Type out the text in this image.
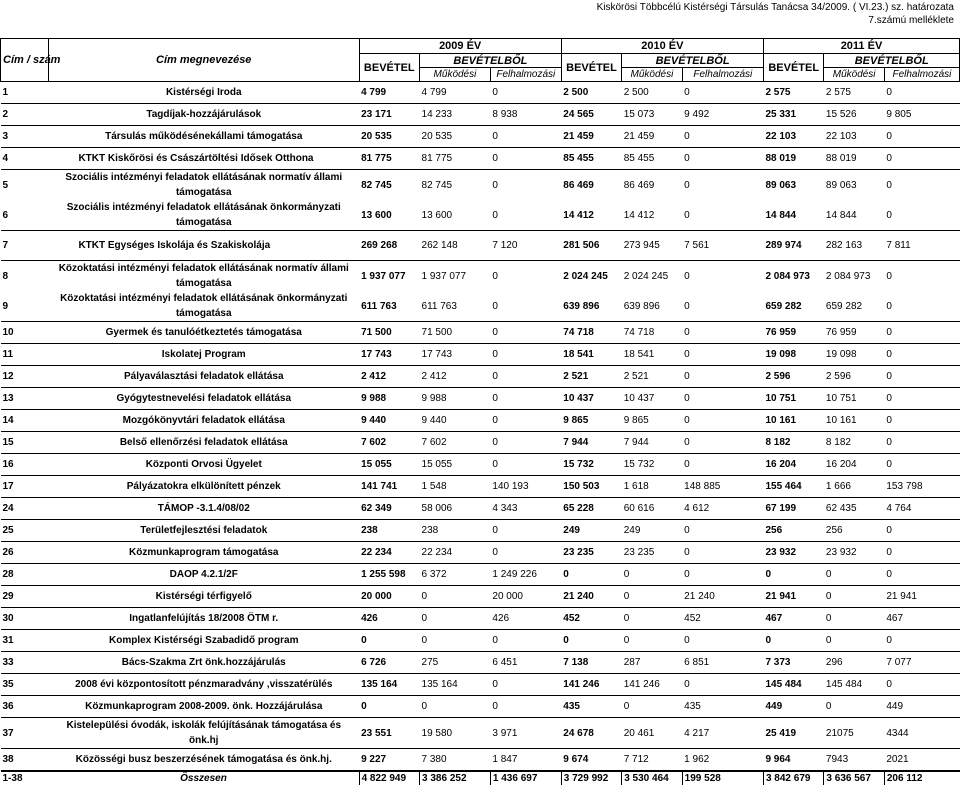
Kiskörösi Többcélú Kistérségi Társulás Tanácsa 34/2009. ( VI.23.) sz. határozata
7.számú melléklete
Cím / szám	Cím megnevezése	2009 ÉV			2010 ÉV			2011 ÉV		
		BEVÉTEL	BEVÉTELBŐL		BEVÉTEL	BEVÉTELBŐL		BEVÉTEL	BEVÉTELBŐL	
			Működési	Felhalmozási		Működési	Felhalmozási		Működési	Felhalmozási
1	Kistérségi Iroda	4 799	4 799	0	2 500	2 500	0	2 575	2 575	0
2	Tagdíjak-hozzájárulások	23 171	14 233	8 938	24 565	15 073	9 492	25 331	15 526	9 805
3	Társulás működésénekállami támogatása	20 535	20 535	0	21 459	21 459	0	22 103	22 103	0
4	KTKT Kiskőrösi és Császártöltési Idősek Otthona	81 775	81 775	0	85 455	85 455	0	88 019	88 019	0
5	Szociális intézményi feladatok ellátásának normatív állami támogatása	82 745	82 745	0	86 469	86 469	0	89 063	89 063	0
6	Szociális intézményi feladatok ellátásának önkormányzati támogatása	13 600	13 600	0	14 412	14 412	0	14 844	14 844	0
7	KTKT Egységes Iskolája és Szakiskolája	269 268	262 148	7 120	281 506	273 945	7 561	289 974	282 163	7 811
8	Közoktatási intézményi feladatok ellátásának normatív állami támogatása	1 937 077	1 937 077	0	2 024 245	2 024 245	0	2 084 973	2 084 973	0
9	Közoktatási intézményi feladatok ellátásának önkormányzati támogatása	611 763	611 763	0	639 896	639 896	0	659 282	659 282	0
10	Gyermek és tanulóétkeztetés támogatása	71 500	71 500	0	74 718	74 718	0	76 959	76 959	0
11	Iskolatej Program	17 743	17 743	0	18 541	18 541	0	19 098	19 098	0
12	Pályaválasztási feladatok ellátása	2 412	2 412	0	2 521	2 521	0	2 596	2 596	0
13	Gyógytestnevelési feladatok ellátása	9 988	9 988	0	10 437	10 437	0	10 751	10 751	0
14	Mozgókönyvtári feladatok ellátása	9 440	9 440	0	9 865	9 865	0	10 161	10 161	0
15	Belső ellenőrzési feladatok ellátása	7 602	7 602	0	7 944	7 944	0	8 182	8 182	0
16	Központi Orvosi Ügyelet	15 055	15 055	0	15 732	15 732	0	16 204	16 204	0
17	Pályázatokra elkülönített pénzek	141 741	1 548	140 193	150 503	1 618	148 885	155 464	1 666	153 798
24	TÁMOP -3.1.4/08/02	62 349	58 006	4 343	65 228	60 616	4 612	67 199	62 435	4 764
25	Területfejlesztési feladatok	238	238	0	249	249	0	256	256	0
26	Közmunkaprogram támogatása	22 234	22 234	0	23 235	23 235	0	23 932	23 932	0
28	DAOP 4.2.1/2F	1 255 598	6 372	1 249 226	0	0	0	0	0	0
29	Kistérségi térfigyelő	20 000	0	20 000	21 240	0	21 240	21 941	0	21 941
30	Ingatlanfelújítás 18/2008 ÖTM r.	426	0	426	452	0	452	467	0	467
31	Komplex Kistérségi Szabadidő program	0	0	0	0	0	0	0	0	0
33	Bács-Szakma Zrt önk.hozzájárulás	6 726	275	6 451	7 138	287	6 851	7 373	296	7 077
35	2008 évi központosított pénzmaradvány ,visszatérülés	135 164	135 164	0	141 246	141 246	0	145 484	145 484	0
36	Közmunkaprogram 2008-2009. önk. Hozzájárulása	0	0	0	435	0	435	449	0	449
37	Kistelepülési óvodák, iskolák felújításának támogatása és önk.hj	23 551	19 580	3 971	24 678	20 461	4 217	25 419	21075	4344
38	Közösségi busz beszerzésének támogatása és önk.hj.	9 227	7 380	1 847	9 674	7 712	1 962	9 964	7943	2021
1-38	Összesen	4 822 949	3 386 252	1 436 697	3 729 992	3 530 464	199 528	3 842 679	3 636 567	206 112
